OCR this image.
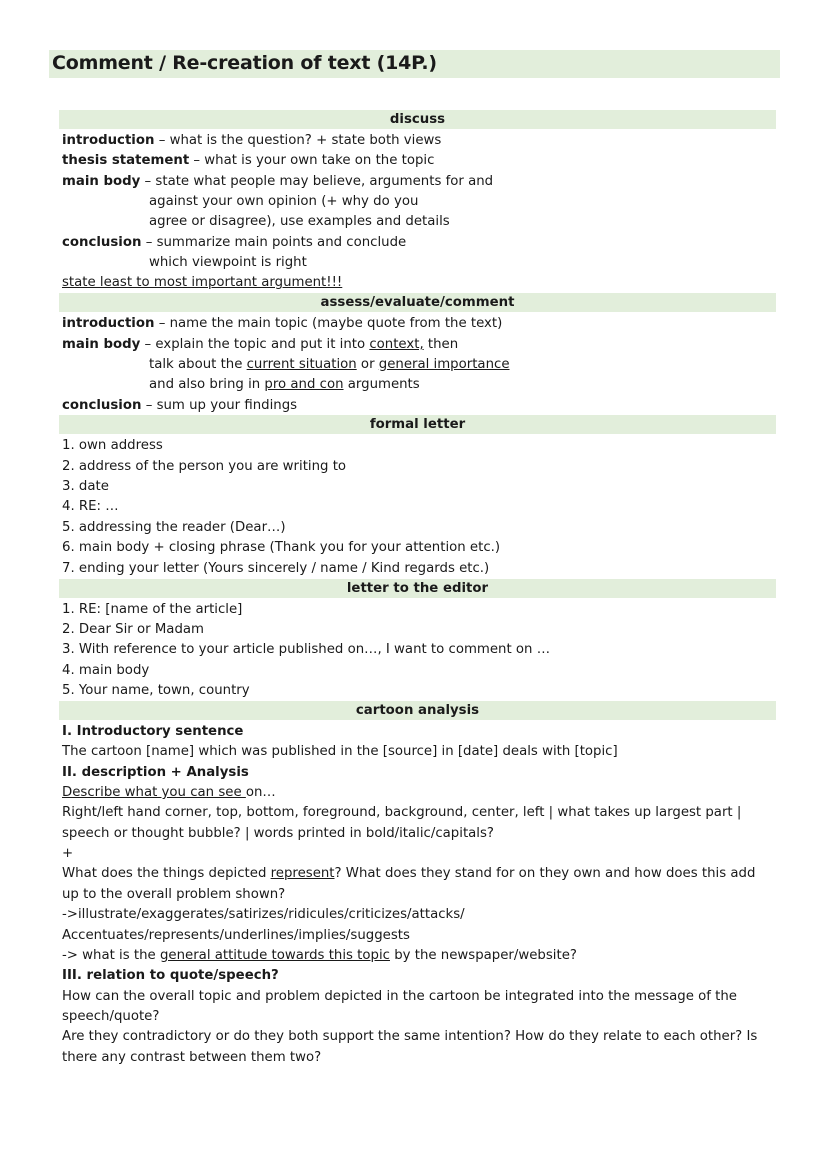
Comment / Re-creation of text (14P.)
discuss
introduction – what is the question? + state both views
thesis statement – what is your own take on the topic
main body – state what people may believe, arguments for and
against your own opinion (+ why do you
agree or disagree), use examples and details
conclusion – summarize main points and conclude
which viewpoint is right
state least to most important argument!!!
assess/evaluate/comment
introduction – name the main topic (maybe quote from the text)
main body – explain the topic and put it into context, then
talk about the current situation or general importance
and also bring in pro and con arguments
conclusion – sum up your findings
formal letter
1. own address
2. address of the person you are writing to
3. date
4. RE: …
5. addressing the reader (Dear…)
6. main body + closing phrase (Thank you for your attention etc.)
7. ending your letter (Yours sincerely / name / Kind regards etc.)
letter to the editor
1. RE: [name of the article]
2. Dear Sir or Madam
3. With reference to your article published on…, I want to comment on …
4. main body
5. Your name, town, country
cartoon analysis
I. Introductory sentence
The cartoon [name] which was published in the [source] in [date] deals with [topic]
II. description + Analysis
Describe what you can see on…
Right/left hand corner, top, bottom, foreground, background, center, left | what takes up largest part |
speech or thought bubble? | words printed in bold/italic/capitals?
+
What does the things depicted represent? What does they stand for on they own and how does this add
up to the overall problem shown?
->illustrate/exaggerates/satirizes/ridicules/criticizes/attacks/
Accentuates/represents/underlines/implies/suggests
-> what is the general attitude towards this topic by the newspaper/website?
III. relation to quote/speech?
How can the overall topic and problem depicted in the cartoon be integrated into the message of the
speech/quote?
Are they contradictory or do they both support the same intention? How do they relate to each other? Is
there any contrast between them two?
